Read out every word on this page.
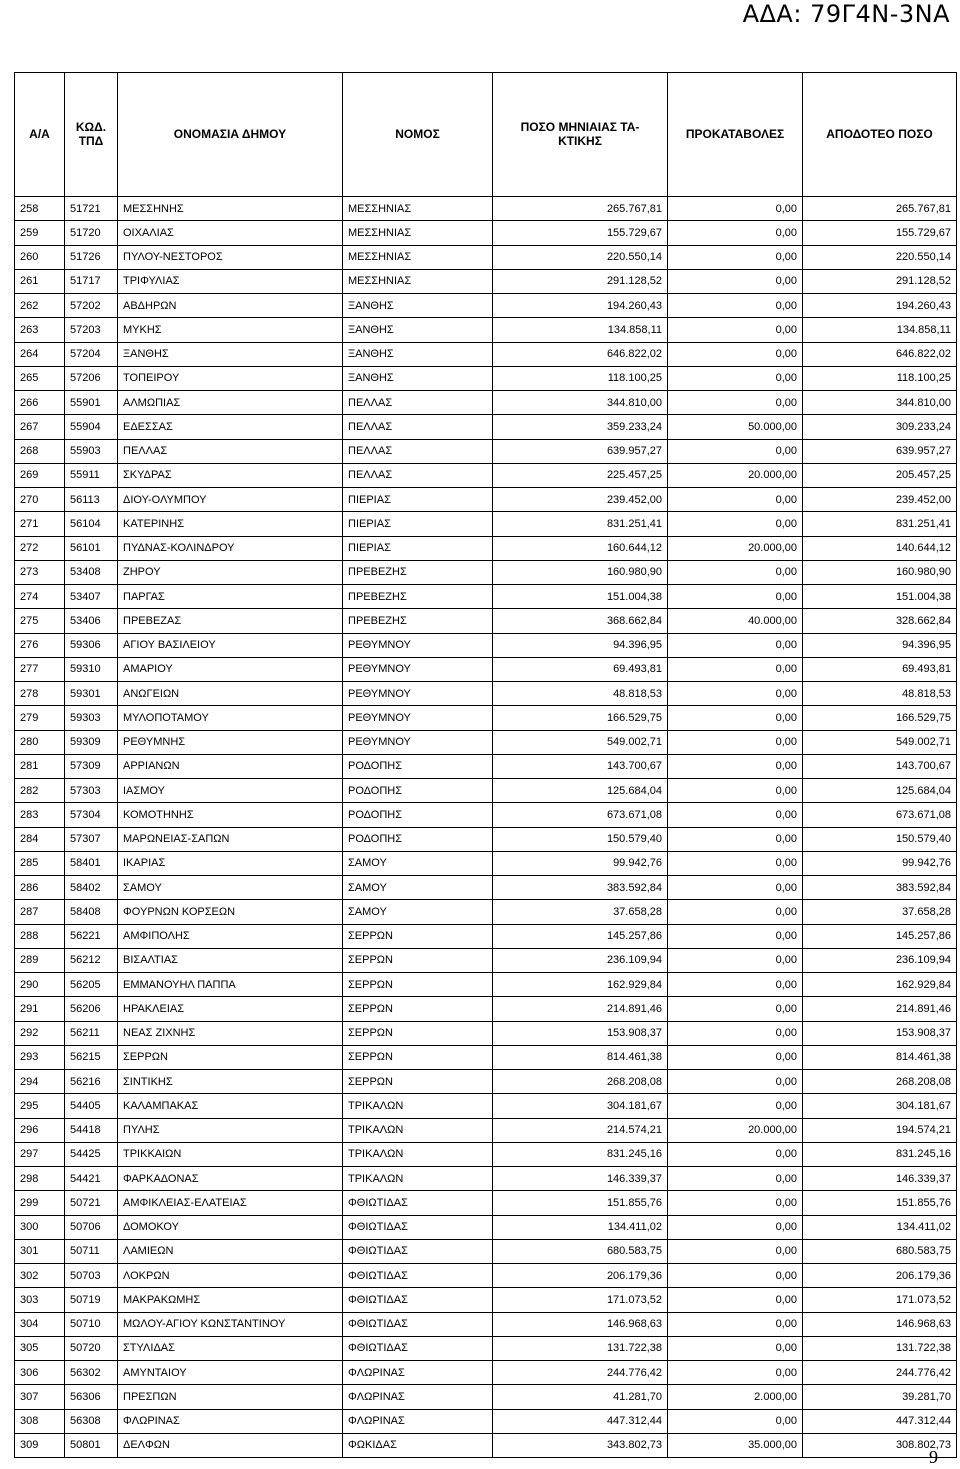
ΑΔΑ: 79Γ4Ν-3ΝΑ
Α/Α	ΚΩΔ. ΤΠΔ	ΟΝΟΜΑΣΙΑ ΔΗΜΟΥ	ΝΟΜΟΣ	ΠΟΣΟ ΜΗΝΙΑΙΑΣ ΤΑ- ΚΤΙΚΗΣ	ΠΡΟΚΑΤΑΒΟΛΕΣ	ΑΠΟΔΟΤΕΟ ΠΟΣΟ

258	51721	ΜΕΣΣΗΝΗΣ	ΜΕΣΣΗΝΙΑΣ	265.767,81	0,00	265.767,81
259	51720	ΟΙΧΑΛΙΑΣ	ΜΕΣΣΗΝΙΑΣ	155.729,67	0,00	155.729,67
260	51726	ΠΥΛΟΥ-ΝΕΣΤΟΡΟΣ	ΜΕΣΣΗΝΙΑΣ	220.550,14	0,00	220.550,14
261	51717	ΤΡΙΦΥΛΙΑΣ	ΜΕΣΣΗΝΙΑΣ	291.128,52	0,00	291.128,52
262	57202	ΑΒΔΗΡΩΝ	ΞΑΝΘΗΣ	194.260,43	0,00	194.260,43
263	57203	ΜΥΚΗΣ	ΞΑΝΘΗΣ	134.858,11	0,00	134.858,11
264	57204	ΞΑΝΘΗΣ	ΞΑΝΘΗΣ	646.822,02	0,00	646.822,02
265	57206	ΤΟΠΕΙΡΟΥ	ΞΑΝΘΗΣ	118.100,25	0,00	118.100,25
266	55901	ΑΛΜΩΠΙΑΣ	ΠΕΛΛΑΣ	344.810,00	0,00	344.810,00
267	55904	ΕΔΕΣΣΑΣ	ΠΕΛΛΑΣ	359.233,24	50.000,00	309.233,24
268	55903	ΠΕΛΛΑΣ	ΠΕΛΛΑΣ	639.957,27	0,00	639.957,27
269	55911	ΣΚΥΔΡΑΣ	ΠΕΛΛΑΣ	225.457,25	20.000,00	205.457,25
270	56113	ΔΙΟΥ-ΟΛΥΜΠΟΥ	ΠΙΕΡΙΑΣ	239.452,00	0,00	239.452,00
271	56104	ΚΑΤΕΡΙΝΗΣ	ΠΙΕΡΙΑΣ	831.251,41	0,00	831.251,41
272	56101	ΠΥΔΝΑΣ-ΚΟΛΙΝΔΡΟΥ	ΠΙΕΡΙΑΣ	160.644,12	20.000,00	140.644,12
273	53408	ΖΗΡΟΥ	ΠΡΕΒΕΖΗΣ	160.980,90	0,00	160.980,90
274	53407	ΠΑΡΓΑΣ	ΠΡΕΒΕΖΗΣ	151.004,38	0,00	151.004,38
275	53406	ΠΡΕΒΕΖΑΣ	ΠΡΕΒΕΖΗΣ	368.662,84	40.000,00	328.662,84
276	59306	ΑΓΙΟΥ ΒΑΣΙΛΕΙΟΥ	ΡΕΘΥΜΝΟΥ	94.396,95	0,00	94.396,95
277	59310	ΑΜΑΡΙΟΥ	ΡΕΘΥΜΝΟΥ	69.493,81	0,00	69.493,81
278	59301	ΑΝΩΓΕΙΩΝ	ΡΕΘΥΜΝΟΥ	48.818,53	0,00	48.818,53
279	59303	ΜΥΛΟΠΟΤΑΜΟΥ	ΡΕΘΥΜΝΟΥ	166.529,75	0,00	166.529,75
280	59309	ΡΕΘΥΜΝΗΣ	ΡΕΘΥΜΝΟΥ	549.002,71	0,00	549.002,71
281	57309	ΑΡΡΙΑΝΩΝ	ΡΟΔΟΠΗΣ	143.700,67	0,00	143.700,67
282	57303	ΙΑΣΜΟΥ	ΡΟΔΟΠΗΣ	125.684,04	0,00	125.684,04
283	57304	ΚΟΜΟΤΗΝΗΣ	ΡΟΔΟΠΗΣ	673.671,08	0,00	673.671,08
284	57307	ΜΑΡΩΝΕΙΑΣ-ΣΑΠΩΝ	ΡΟΔΟΠΗΣ	150.579,40	0,00	150.579,40
285	58401	ΙΚΑΡΙΑΣ	ΣΑΜΟΥ	99.942,76	0,00	99.942,76
286	58402	ΣΑΜΟΥ	ΣΑΜΟΥ	383.592,84	0,00	383.592,84
287	58408	ΦΟΥΡΝΩΝ ΚΟΡΣΕΩΝ	ΣΑΜΟΥ	37.658,28	0,00	37.658,28
288	56221	ΑΜΦΙΠΟΛΗΣ	ΣΕΡΡΩΝ	145.257,86	0,00	145.257,86
289	56212	ΒΙΣΑΛΤΙΑΣ	ΣΕΡΡΩΝ	236.109,94	0,00	236.109,94
290	56205	ΕΜΜΑΝΟΥΗΛ ΠΑΠΠΑ	ΣΕΡΡΩΝ	162.929,84	0,00	162.929,84
291	56206	ΗΡΑΚΛΕΙΑΣ	ΣΕΡΡΩΝ	214.891,46	0,00	214.891,46
292	56211	ΝΕΑΣ ΖΙΧΝΗΣ	ΣΕΡΡΩΝ	153.908,37	0,00	153.908,37
293	56215	ΣΕΡΡΩΝ	ΣΕΡΡΩΝ	814.461,38	0,00	814.461,38
294	56216	ΣΙΝΤΙΚΗΣ	ΣΕΡΡΩΝ	268.208,08	0,00	268.208,08
295	54405	ΚΑΛΑΜΠΑΚΑΣ	ΤΡΙΚΑΛΩΝ	304.181,67	0,00	304.181,67
296	54418	ΠΥΛΗΣ	ΤΡΙΚΑΛΩΝ	214.574,21	20.000,00	194.574,21
297	54425	ΤΡΙΚΚΑΙΩΝ	ΤΡΙΚΑΛΩΝ	831.245,16	0,00	831.245,16
298	54421	ΦΑΡΚΑΔΟΝΑΣ	ΤΡΙΚΑΛΩΝ	146.339,37	0,00	146.339,37
299	50721	ΑΜΦΙΚΛΕΙΑΣ-ΕΛΑΤΕΙΑΣ	ΦΘΙΩΤΙΔΑΣ	151.855,76	0,00	151.855,76
300	50706	ΔΟΜΟΚΟΥ	ΦΘΙΩΤΙΔΑΣ	134.411,02	0,00	134.411,02
301	50711	ΛΑΜΙΕΩΝ	ΦΘΙΩΤΙΔΑΣ	680.583,75	0,00	680.583,75
302	50703	ΛΟΚΡΩΝ	ΦΘΙΩΤΙΔΑΣ	206.179,36	0,00	206.179,36
303	50719	ΜΑΚΡΑΚΩΜΗΣ	ΦΘΙΩΤΙΔΑΣ	171.073,52	0,00	171.073,52
304	50710	ΜΩΛΟΥ-ΑΓΙΟΥ ΚΩΝΣΤΑΝΤΙΝΟΥ	ΦΘΙΩΤΙΔΑΣ	146.968,63	0,00	146.968,63
305	50720	ΣΤΥΛΙΔΑΣ	ΦΘΙΩΤΙΔΑΣ	131.722,38	0,00	131.722,38
306	56302	ΑΜΥΝΤΑΙΟΥ	ΦΛΩΡΙΝΑΣ	244.776,42	0,00	244.776,42
307	56306	ΠΡΕΣΠΩΝ	ΦΛΩΡΙΝΑΣ	41.281,70	2.000,00	39.281,70
308	56308	ΦΛΩΡΙΝΑΣ	ΦΛΩΡΙΝΑΣ	447.312,44	0,00	447.312,44
309	50801	ΔΕΛΦΩΝ	ΦΩΚΙΔΑΣ	343.802,73	35.000,00	308.802,73
9
